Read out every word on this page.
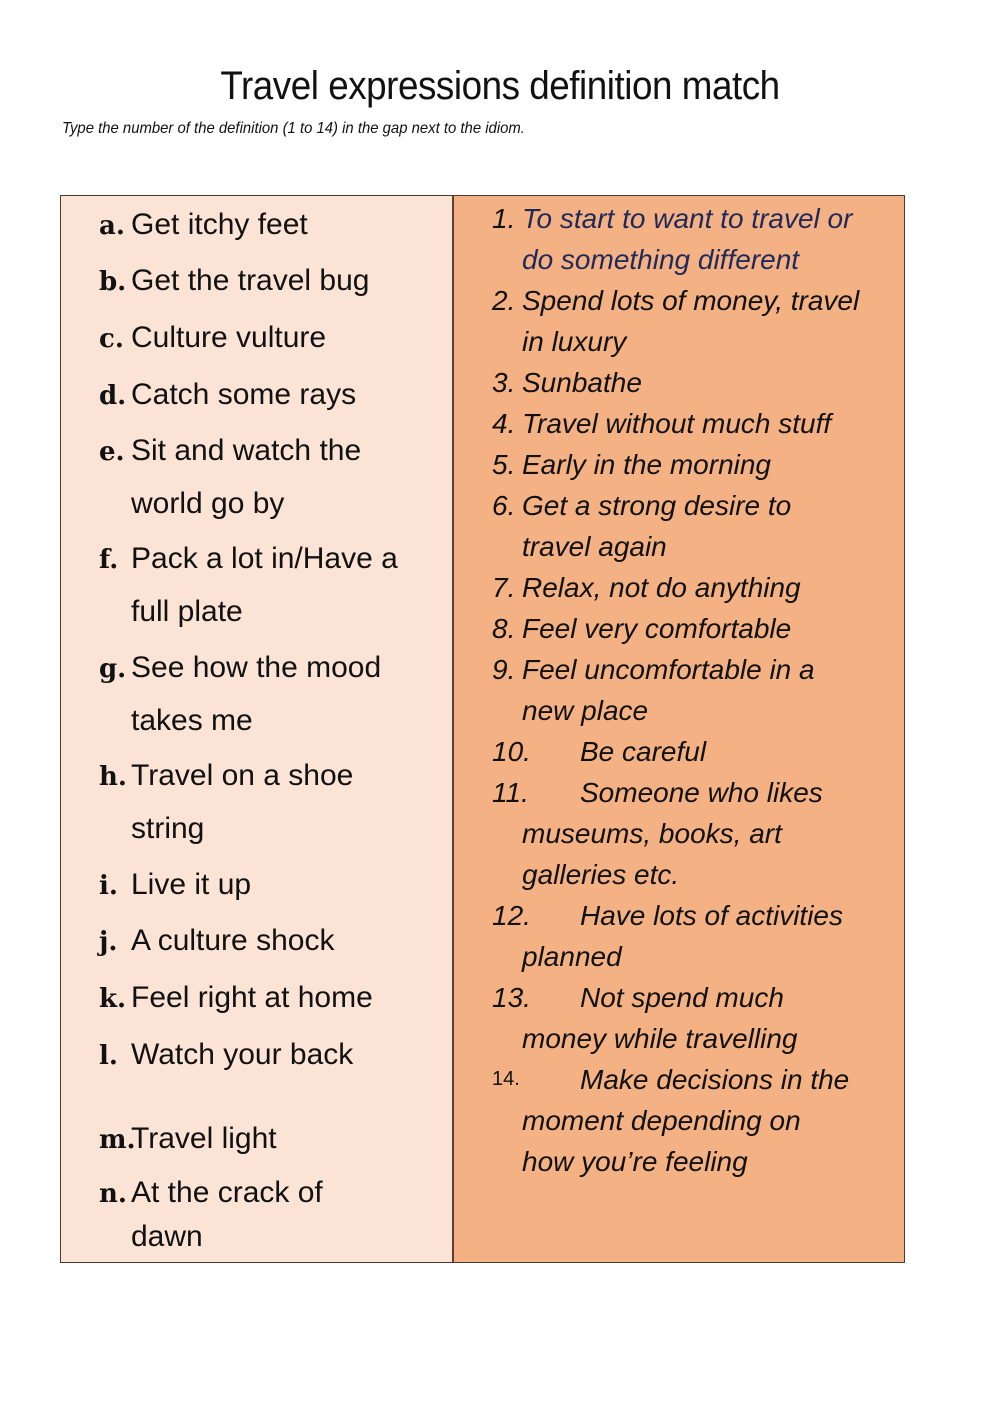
Travel expressions definition match
Type the number of the definition (1 to 14) in the gap next to the idiom.
a. Get itchy feet
b. Get the travel bug
c. Culture vulture
d. Catch some rays
e. Sit and watch the
world go by
f. Pack a lot in/Have a
full plate
g. See how the mood
takes me
h. Travel on a shoe
string
i. Live it up
j. A culture shock
k. Feel right at home
l. Watch your back
m.Travel light
n.At the crack of
dawn
1. To start to want to travel or
do something different
2. Spend lots of money, travel
in luxury
3. Sunbathe
4. Travel without much stuff
5. Early in the morning
6. Get a strong desire to
travel again
7. Relax, not do anything
8. Feel very comfortable
9. Feel uncomfortable in a
new place
10. Be careful
11. Someone who likes
museums, books, art
galleries etc.
12. Have lots of activities
planned
13. Not spend much
money while travelling
14. Make decisions in the
moment depending on
how you’re feeling
